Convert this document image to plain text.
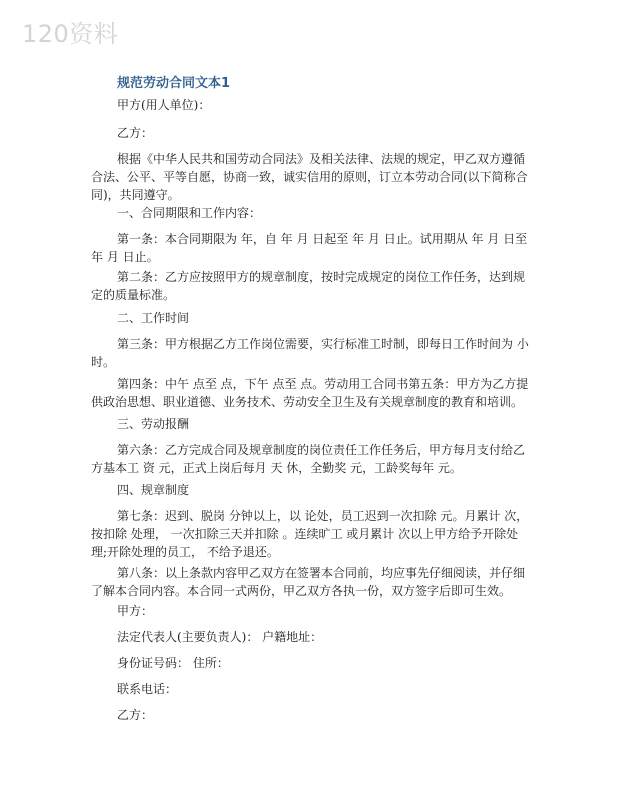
120资料
规范劳动合同文本1
甲方(用人单位)：
乙方：
根据《中华人民共和国劳动合同法》及相关法律、法规的规定，甲乙双方遵循合法、公平、平等自愿，协商一致，诚实信用的原则，订立本劳动合同(以下简称合同)，共同遵守。
一、合同期限和工作内容：
第一条：本合同期限为 年，自 年 月 日起至 年 月 日止。试用期从 年 月 日至 年 月 日止。
第二条：乙方应按照甲方的规章制度，按时完成规定的岗位工作任务，达到规定的质量标准。
二、工作时间
第三条：甲方根据乙方工作岗位需要，实行标准工时制，即每日工作时间为 小时。
第四条：中午 点至 点，下午 点至 点。劳动用工合同书第五条：甲方为乙方提供政治思想、职业道德、业务技术、劳动安全卫生及有关规章制度的教育和培训。
三、劳动报酬
第六条：乙方完成合同及规章制度的岗位责任工作任务后，甲方每月支付给乙方基本工 资 元，正式上岗后每月 天 休，全勤奖 元，工龄奖每年 元。
四、规章制度
第七条：迟到、脱岗 分钟以上，以 论处，员工迟到一次扣除 元。月累计 次，按扣除 处理， 一次扣除三天并扣除 。连续旷工 或月累计 次以上甲方给予开除处理;开除处理的员工， 不给予退还。
第八条：以上条款内容甲乙双方在签署本合同前，均应事先仔细阅读，并仔细了解本合同内容。本合同一式两份，甲乙双方各执一份，双方签字后即可生效。
甲方：
法定代表人(主要负责人)： 户籍地址：
身份证号码： 住所：
联系电话：
乙方：
